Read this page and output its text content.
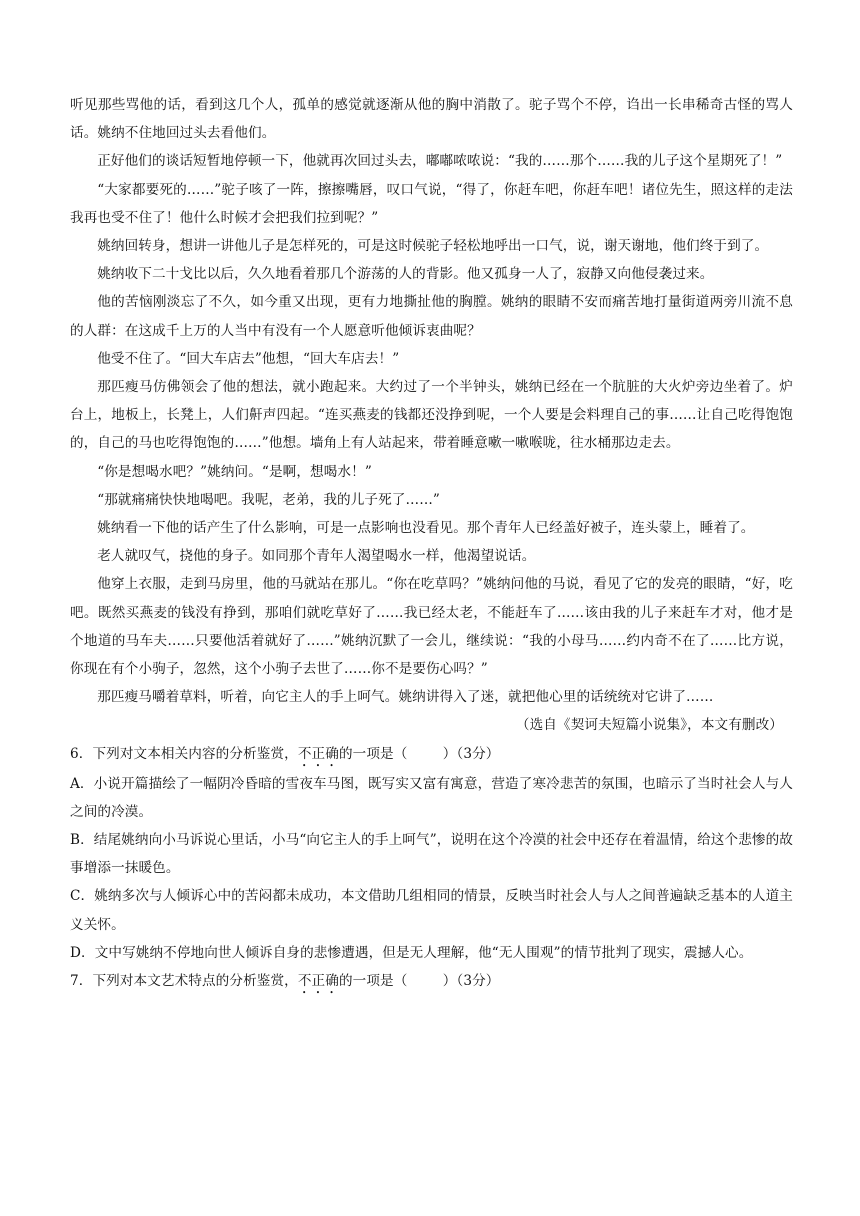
听见那些骂他的话，看到这几个人，孤单的感觉就逐渐从他的胸中消散了。驼子骂个不停，诌出一长串稀奇古怪的骂人话。姚纳不住地回过头去看他们。

正好他们的谈话短暂地停顿一下，他就再次回过头去，嘟嘟哝哝说：“我的……那个……我的儿子这个星期死了！”

“大家都要死的……”驼子咳了一阵，擦擦嘴唇，叹口气说，“得了，你赶车吧，你赶车吧！诸位先生，照这样的走法我再也受不住了！他什么时候才会把我们拉到呢？”

姚纳回转身，想讲一讲他儿子是怎样死的，可是这时候驼子轻松地呼出一口气，说，谢天谢地，他们终于到了。

姚纳收下二十戈比以后，久久地看着那几个游荡的人的背影。他又孤身一人了，寂静又向他侵袭过来。

他的苦恼刚淡忘了不久，如今重又出现，更有力地撕扯他的胸膛。姚纳的眼睛不安而痛苦地打量街道两旁川流不息的人群：在这成千上万的人当中有没有一个人愿意听他倾诉衷曲呢？

他受不住了。“回大车店去”他想，“回大车店去！”

那匹瘦马仿佛领会了他的想法，就小跑起来。大约过了一个半钟头，姚纳已经在一个肮脏的大火炉旁边坐着了。炉台上，地板上，长凳上，人们鼾声四起。“连买燕麦的钱都还没挣到呢，一个人要是会料理自己的事……让自己吃得饱饱的，自己的马也吃得饱饱的……”他想。墙角上有人站起来，带着睡意嗽一嗽喉咙，往水桶那边走去。

“你是想喝水吧？”姚纳问。“是啊，想喝水！”

“那就痛痛快快地喝吧。我呢，老弟，我的儿子死了……”

姚纳看一下他的话产生了什么影响，可是一点影响也没看见。那个青年人已经盖好被子，连头蒙上，睡着了。

老人就叹气，挠他的身子。如同那个青年人渴望喝水一样，他渴望说话。

他穿上衣服，走到马房里，他的马就站在那儿。“你在吃草吗？”姚纳问他的马说，看见了它的发亮的眼睛，“好，吃吧。既然买燕麦的钱没有挣到，那咱们就吃草好了……我已经太老，不能赶车了……该由我的儿子来赶车才对，他才是个地道的马车夫……只要他活着就好了……”姚纳沉默了一会儿，继续说：“我的小母马……约内奇不在了……比方说，你现在有个小驹子，忽然，这个小驹子去世了……你不是要伤心吗？”

那匹瘦马嚼着草料，听着，向它主人的手上呵气。姚纳讲得入了迷，就把他心里的话统统对它讲了……

（选自《契诃夫短篇小说集》，本文有删改）

6．下列对文本相关内容的分析鉴赏，不正确的一项是（	）（3分）

A．小说开篇描绘了一幅阴冷昏暗的雪夜车马图，既写实又富有寓意，营造了寒冷悲苦的氛围，也暗示了当时社会人与人之间的冷漠。

B．结尾姚纳向小马诉说心里话，小马“向它主人的手上呵气”，说明在这个冷漠的社会中还存在着温情，给这个悲惨的故事增添一抹暖色。

C．姚纳多次与人倾诉心中的苦闷都未成功，本文借助几组相同的情景，反映当时社会人与人之间普遍缺乏基本的人道主义关怀。

D．文中写姚纳不停地向世人倾诉自身的悲惨遭遇，但是无人理解，他“无人围观”的情节批判了现实，震撼人心。

7．下列对本文艺术特点的分析鉴赏，不正确的一项是（	）（3分）
